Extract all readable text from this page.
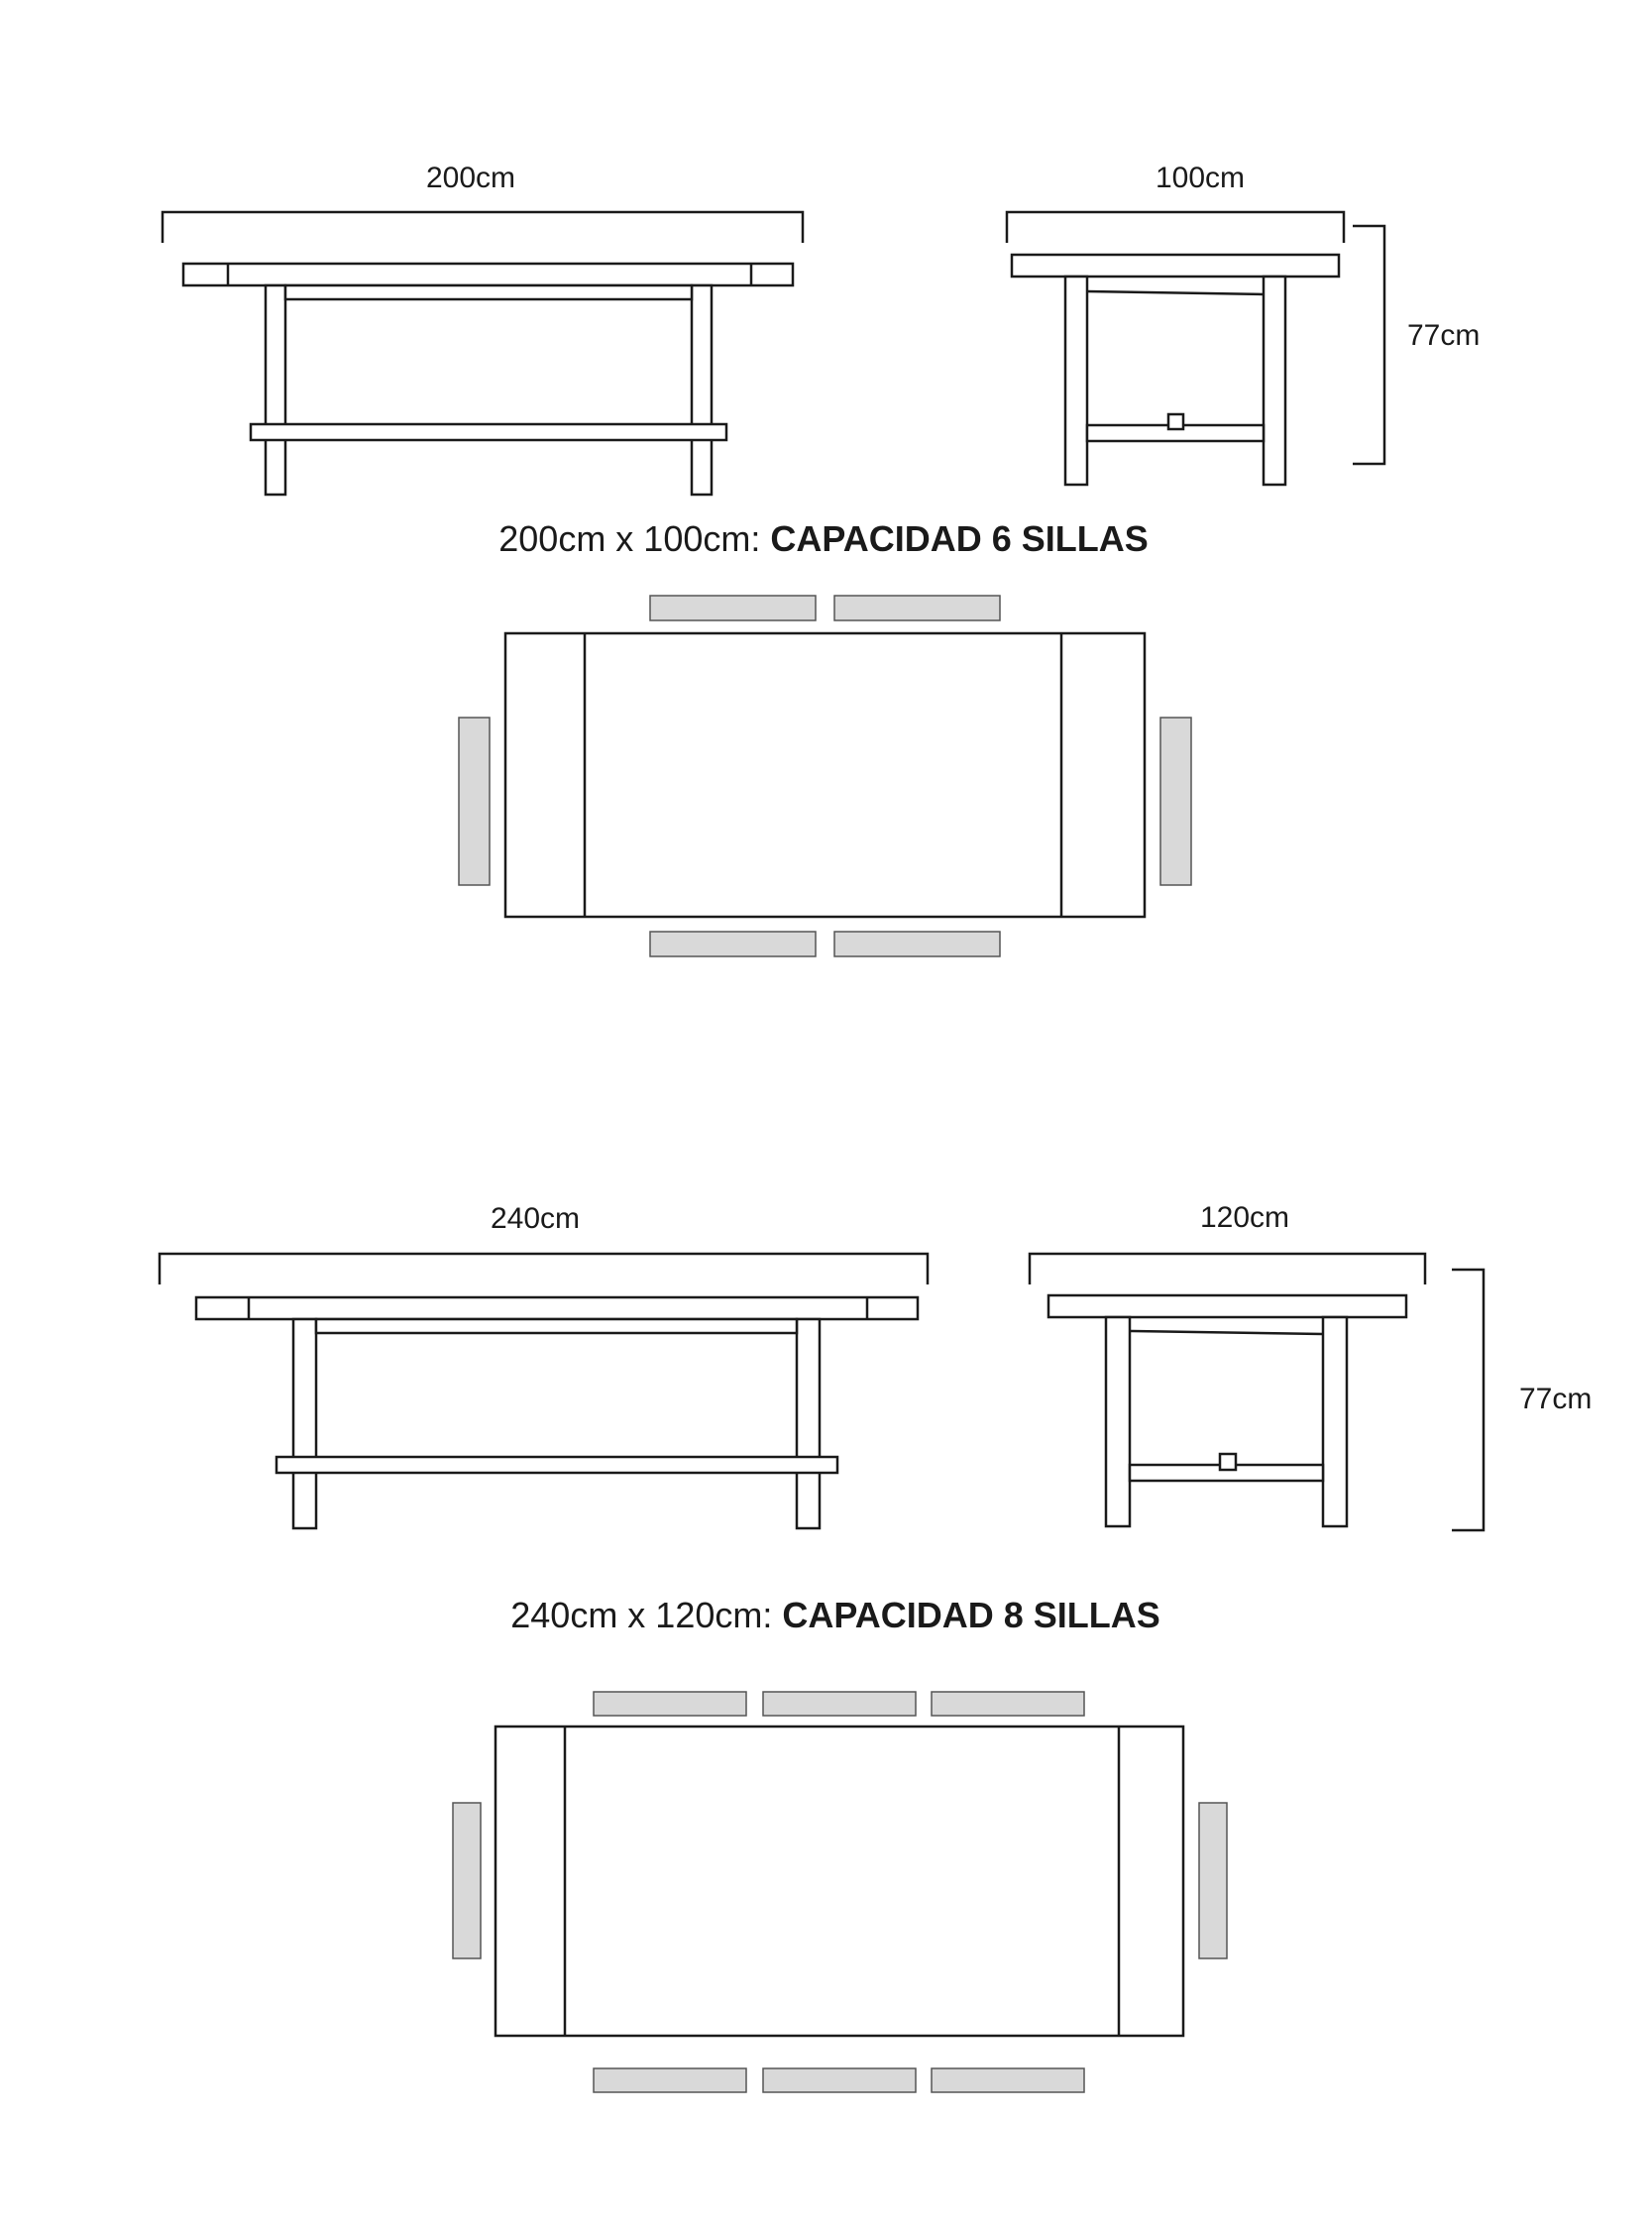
200cm	100cm
77cm
200cm x 100cm: CAPACIDAD 6 SILLAS
240cm	120cm
77cm
240cm x 120cm: CAPACIDAD 8 SILLAS
